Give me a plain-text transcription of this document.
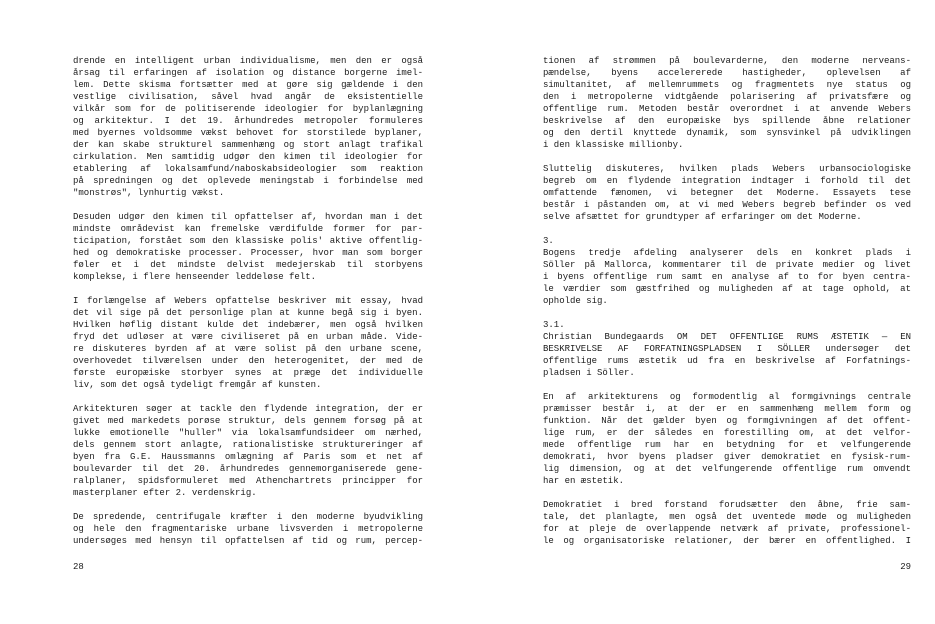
drende en intelligent urban individualisme, men den er også
årsag til erfaringen af isolation og distance borgerne imel-
lem. Dette skisma fortsætter med at gøre sig gældende i den
vestlige civilisation, såvel hvad angår de eksistentielle
vilkår som for de politiserende ideologier for byplanlægning
og arkitektur. I det 19. århundredes metropoler formuleres
med byernes voldsomme vækst behovet for storstilede byplaner,
der kan skabe strukturel sammenhæng og stort anlagt trafikal
cirkulation. Men samtidig udgør den kimen til ideologier for
etablering af lokalsamfund/naboskabsideologier som reaktion
på spredningen og det oplevede meningstab i forbindelse med
"monstrøs", lynhurtig vækst.
Desuden udgør den kimen til opfattelser af, hvordan man i det
mindste områdevist kan fremelske værdifulde former for par-
ticipation, forstået som den klassiske polis' aktive offentlig-
hed og demokratiske processer. Processer, hvor man som borger
føler et i det mindste delvist medejerskab til storbyens
komplekse, i flere henseender leddeløse felt.
I forlængelse af Webers opfattelse beskriver mit essay, hvad
det vil sige på det personlige plan at kunne begå sig i byen.
Hvilken høflig distant kulde det indebærer, men også hvilken
fryd det udløser at være civiliseret på en urban måde. Vide-
re diskuteres byrden af at være solist på den urbane scene,
overhovedet tilværelsen under den heterogenitet, der med de
første europæiske storbyer synes at præge det individuelle
liv, som det også tydeligt fremgår af kunsten.
Arkitekturen søger at tackle den flydende integration, der er
givet med markedets porøse struktur, dels gennem forsøg på at
lukke emotionelle "huller" via lokalsamfundsideer om nærhed,
dels gennem stort anlagte, rationalistiske struktureringer af
byen fra G.E. Haussmanns omlægning af Paris som et net af
boulevarder til det 20. århundredes gennemorganiserede gene-
ralplaner, spidsformuleret med Athenchartrets principper for
masterplaner efter 2. verdenskrig.
De spredende, centrifugale kræfter i den moderne byudvikling
og hele den fragmentariske urbane livsverden i metropolerne
undersøges med hensyn til opfattelsen af tid og rum, percep-
tionen af strømmen på boulevarderne, den moderne nerveans-
pændelse, byens accelererede hastigheder, oplevelsen af
simultanitet, af mellemrummets og fragmentets nye status og
den i metropolerne vidtgående polarisering af privatsfære og
offentlige rum. Metoden består overordnet i at anvende Webers
beskrivelse af den europæiske bys spillende åbne relationer
og den dertil knyttede dynamik, som synsvinkel på udviklingen
i den klassiske millionby.
Sluttelig diskuteres, hvilken plads Webers urbansociologiske
begreb om en flydende integration indtager i forhold til det
omfattende fænomen, vi betegner det Moderne. Essayets tese
består i påstanden om, at vi med Webers begreb befinder os ved
selve afsættet for grundtyper af erfaringer om det Moderne.
3.
Bogens tredje afdeling analyserer dels en konkret plads i
Söller på Mallorca, kommentarer til de private medier og livet
i byens offentlige rum samt en analyse af to for byen centra-
le værdier som gæstfrihed og muligheden af at tage ophold, at
opholde sig.
3.1.
Christian Bundegaards OM DET OFFENTLIGE RUMS ÆSTETIK — EN
BESKRIVELSE AF FORFATNINGSPLADSEN I SÖLLER undersøger det
offentlige rums æstetik ud fra en beskrivelse af Forfatnings-
pladsen i Söller.
En af arkitekturens og formodentlig al formgivnings centrale
præmisser består i, at der er en sammenhæng mellem form og
funktion. Når det gælder byen og formgivningen af det offent-
lige rum, er der således en forestilling om, at det velfor-
mede offentlige rum har en betydning for et velfungerende
demokrati, hvor byens pladser giver demokratiet en fysisk-rum-
lig dimension, og at det velfungerende offentlige rum omvendt
har en æstetik.
Demokratiet i bred forstand forudsætter den åbne, frie sam-
tale, det planlagte, men også det uventede møde og muligheden
for at pleje de overlappende netværk af private, professionel-
le og organisatoriske relationer, der bærer en offentlighed. I
28	29
